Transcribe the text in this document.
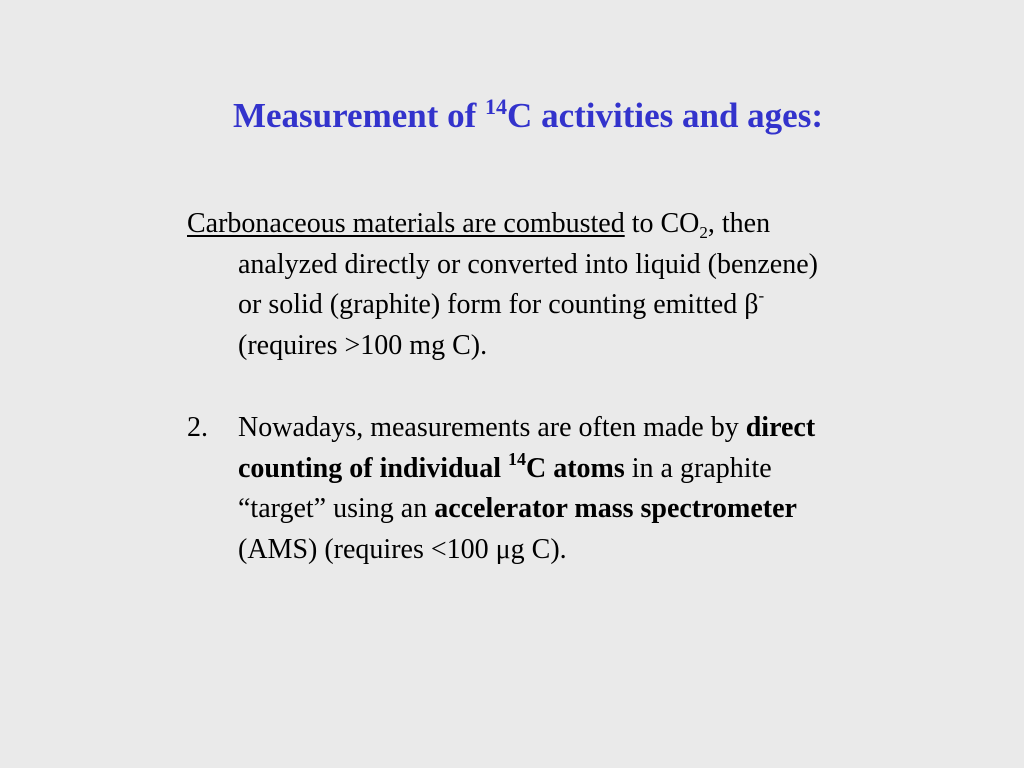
Measurement of $^{14}$C activities and ages:
Carbonaceous materials are combusted to $CO_2$, then
analyzed directly or converted into liquid (benzene)
or solid (graphite) form for counting emitted β-
(requires >100 mg C).
2. Nowadays, measurements are often made by direct
counting of individual $^{14}$C atoms in a graphite
“target” using an accelerator mass spectrometer
(AMS) (requires <100 μg C).
